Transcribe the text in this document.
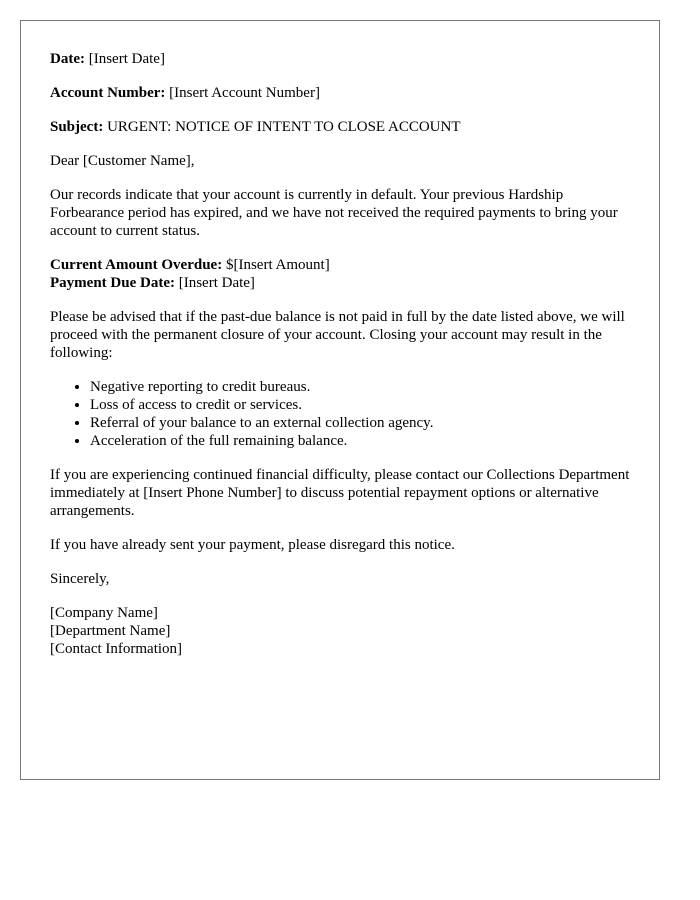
Date: [Insert Date]

Account Number: [Insert Account Number]

Subject: URGENT: NOTICE OF INTENT TO CLOSE ACCOUNT

Dear [Customer Name],

Our records indicate that your account is currently in default. Your previous Hardship Forbearance period has expired, and we have not received the required payments to bring your account to current status.

Current Amount Overdue: $[Insert Amount]
Payment Due Date: [Insert Date]

Please be advised that if the past-due balance is not paid in full by the date listed above, we will proceed with the permanent closure of your account. Closing your account may result in the following:

• Negative reporting to credit bureaus.
• Loss of access to credit or services.
• Referral of your balance to an external collection agency.
• Acceleration of the full remaining balance.

If you are experiencing continued financial difficulty, please contact our Collections Department immediately at [Insert Phone Number] to discuss potential repayment options or alternative arrangements.

If you have already sent your payment, please disregard this notice.

Sincerely,

[Company Name]
[Department Name]
[Contact Information]
